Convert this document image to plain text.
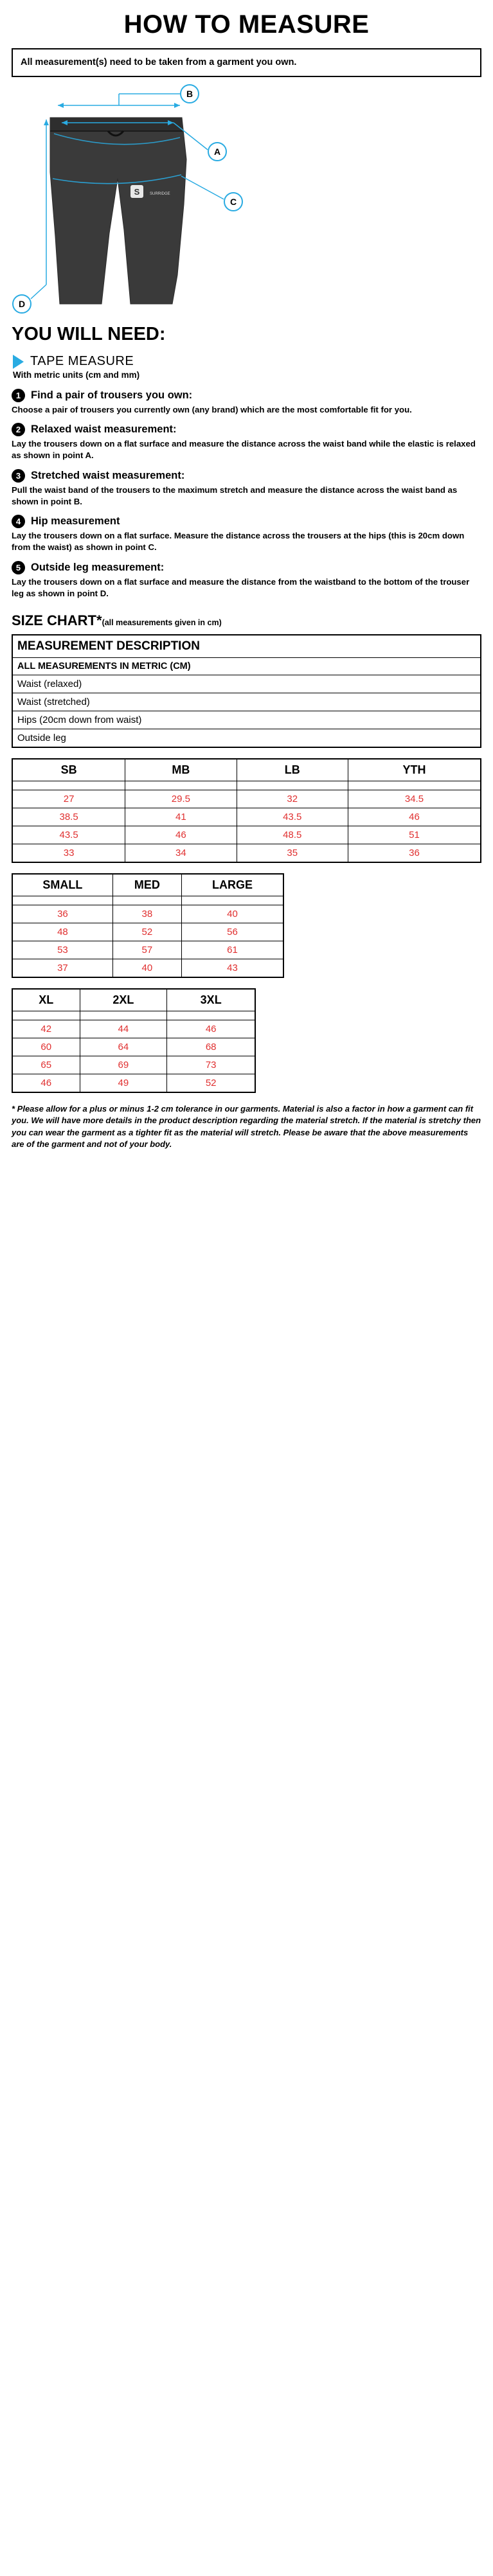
HOW TO MEASURE
All measurement(s) need to be taken from a garment you own.
S	SURRIDGE
B
A
C
D
YOU WILL NEED:
TAPE MEASURE
With metric units (cm and mm)
1 Find a pair of trousers you own:
Choose a pair of trousers you currently own (any brand) which are the most comfortable fit for you.
2 Relaxed waist measurement:
Lay the trousers down on a flat surface and measure the distance across the waist band while the elastic is relaxed as shown in point A.
3 Stretched waist measurement:
Pull the waist band of the trousers to the maximum stretch and measure the distance across the waist band as shown in point B.
4 Hip measurement
Lay the trousers down on a flat surface. Measure the distance across the trousers at the hips (this is 20cm down from the waist) as shown in point C.
5 Outside leg measurement:
Lay the trousers down on a flat surface and measure the distance from the waistband to the bottom of the trouser leg as shown in point D.
SIZE CHART*(all measurements given in cm)
MEASUREMENT DESCRIPTION
ALL MEASUREMENTS IN METRIC (CM)
Waist (relaxed)
Waist (stretched)
Hips (20cm down from waist)
Outside leg
SB	MB	LB	YTH

27	29.5	32	34.5
38.5	41	43.5	46
43.5	46	48.5	51
33	34	35	36
SMALL	MED	LARGE

36	38	40
48	52	56
53	57	61
37	40	43
XL	2XL	3XL

42	44	46
60	64	68
65	69	73
46	49	52
* Please allow for a plus or minus 1-2 cm tolerance in our garments. Material is also a factor in how a garment can fit you. We will have more details in the product description regarding the material stretch. If the material is stretchy then you can wear the garment as a tighter fit as the material will stretch. Please be aware that the above measurements are of the garment and not of your body.
